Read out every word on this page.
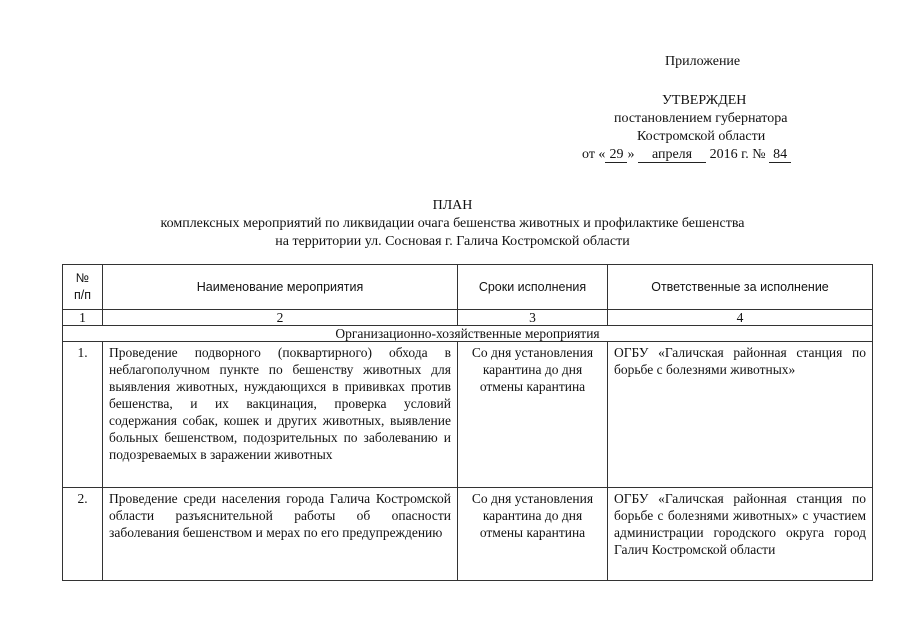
Приложение
УТВЕРЖДЕН
постановлением губернатора
Костромской области
от « 29 » апреля 2016 г. № 84
ПЛАН
комплексных мероприятий по ликвидации очага бешенства животных и профилактике бешенства
на территории ул. Сосновая г. Галича Костромской области
№ п/п	Наименование мероприятия	Сроки исполнения	Ответственные за исполнение
1	2	3	4
Организационно-хозяйственные мероприятия			
1.	Проведение подворного (поквартирного) обхода в неблагополучном пункте по бешенству животных для выявления животных, нуждающихся в прививках против бешенства, и их вакцинация, проверка условий содержания собак, кошек и других животных, выявление больных бешенством, подозрительных по заболеванию и подозреваемых в заражении животных	Со дня установления карантина до дня отмены карантина	ОГБУ «Галичская районная станция по борьбе с болезнями животных»
2.	Проведение среди населения города Галича Костромской области разъяснительной работы об опасности заболевания бешенством и мерах по его предупреждению	Со дня установления карантина до дня отмены карантина	ОГБУ «Галичская районная станция по борьбе с болезнями животных» с участием администрации городского округа город Галич Костромской области
